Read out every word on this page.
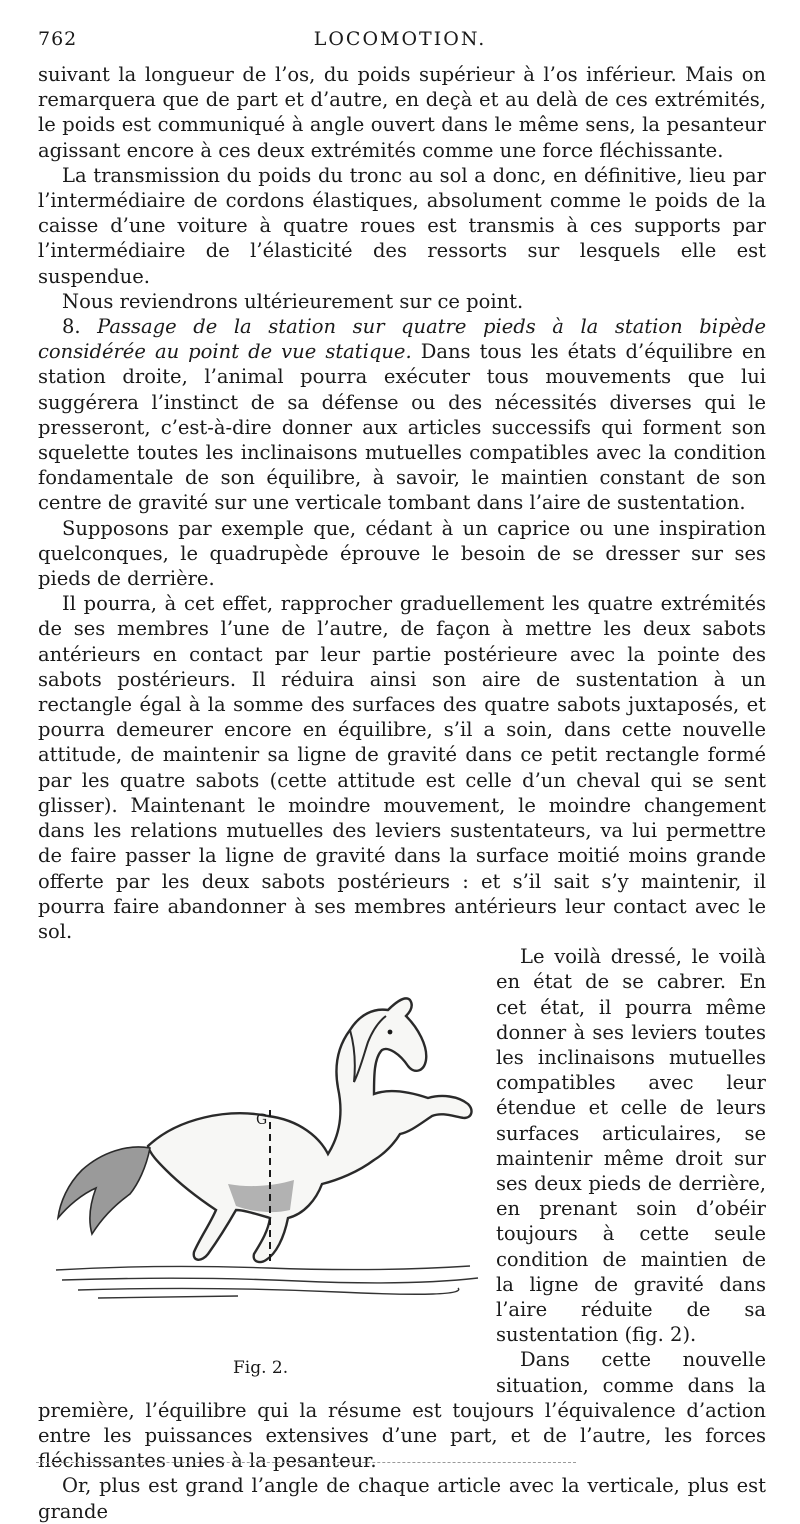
762	LOCOMOTION.

suivant la longueur de l’os, du poids supérieur à l’os inférieur. Mais on remarquera que de part et d’autre, en deçà et au delà de ces extrémités, le poids est communiqué à angle ouvert dans le même sens, la pesanteur agissant encore à ces deux extrémités comme une force fléchissante.

La transmission du poids du tronc au sol a donc, en définitive, lieu par l’intermédiaire de cordons élastiques, absolument comme le poids de la caisse d’une voiture à quatre roues est transmis à ces supports par l’intermédiaire de l’élasticité des ressorts sur lesquels elle est suspendue.

Nous reviendrons ultérieurement sur ce point.

8. Passage de la station sur quatre pieds à la station bipède considérée au point de vue statique. Dans tous les états d’équilibre en station droite, l’animal pourra exécuter tous mouvements que lui suggérera l’instinct de sa défense ou des nécessités diverses qui le presseront, c’est-à-dire donner aux articles successifs qui forment son squelette toutes les inclinaisons mutuelles compatibles avec la condition fondamentale de son équilibre, à savoir, le maintien constant de son centre de gravité sur une verticale tombant dans l’aire de sustentation.

Supposons par exemple que, cédant à un caprice ou une inspiration quelconques, le quadrupède éprouve le besoin de se dresser sur ses pieds de derrière.

Il pourra, à cet effet, rapprocher graduellement les quatre extrémités de ses membres l’une de l’autre, de façon à mettre les deux sabots antérieurs en contact par leur partie postérieure avec la pointe des sabots postérieurs. Il réduira ainsi son aire de sustentation à un rectangle égal à la somme des surfaces des quatre sabots juxtaposés, et pourra demeurer encore en équilibre, s’il a soin, dans cette nouvelle attitude, de maintenir sa ligne de gravité dans ce petit rectangle formé par les quatre sabots (cette attitude est celle d’un cheval qui se sent glisser). Maintenant le moindre mouvement, le moindre changement dans les relations mutuelles des leviers sustentateurs, va lui permettre de faire passer la ligne de gravité dans la surface moitié moins grande offerte par les deux sabots postérieurs : et s’il sait s’y maintenir, il pourra faire abandonner à ses membres antérieurs leur contact avec le sol.

G
Fig. 2.

Le voilà dressé, le voilà en état de se cabrer. En cet état, il pourra même donner à ses leviers toutes les inclinaisons mutuelles compatibles avec leur étendue et celle de leurs surfaces articulaires, se maintenir même droit sur ses deux pieds de derrière, en prenant soin d’obéir toujours à cette seule condition de maintien de la ligne de gravité dans l’aire réduite de sa sustentation (fig. 2).

Dans cette nouvelle situation, comme dans la première, l’équilibre qui la résume est toujours l’équivalence d’action entre les puissances extensives d’une part, et de l’autre, les forces fléchissantes unies à la pesanteur.

Or, plus est grand l’angle de chaque article avec la verticale, plus est grande
